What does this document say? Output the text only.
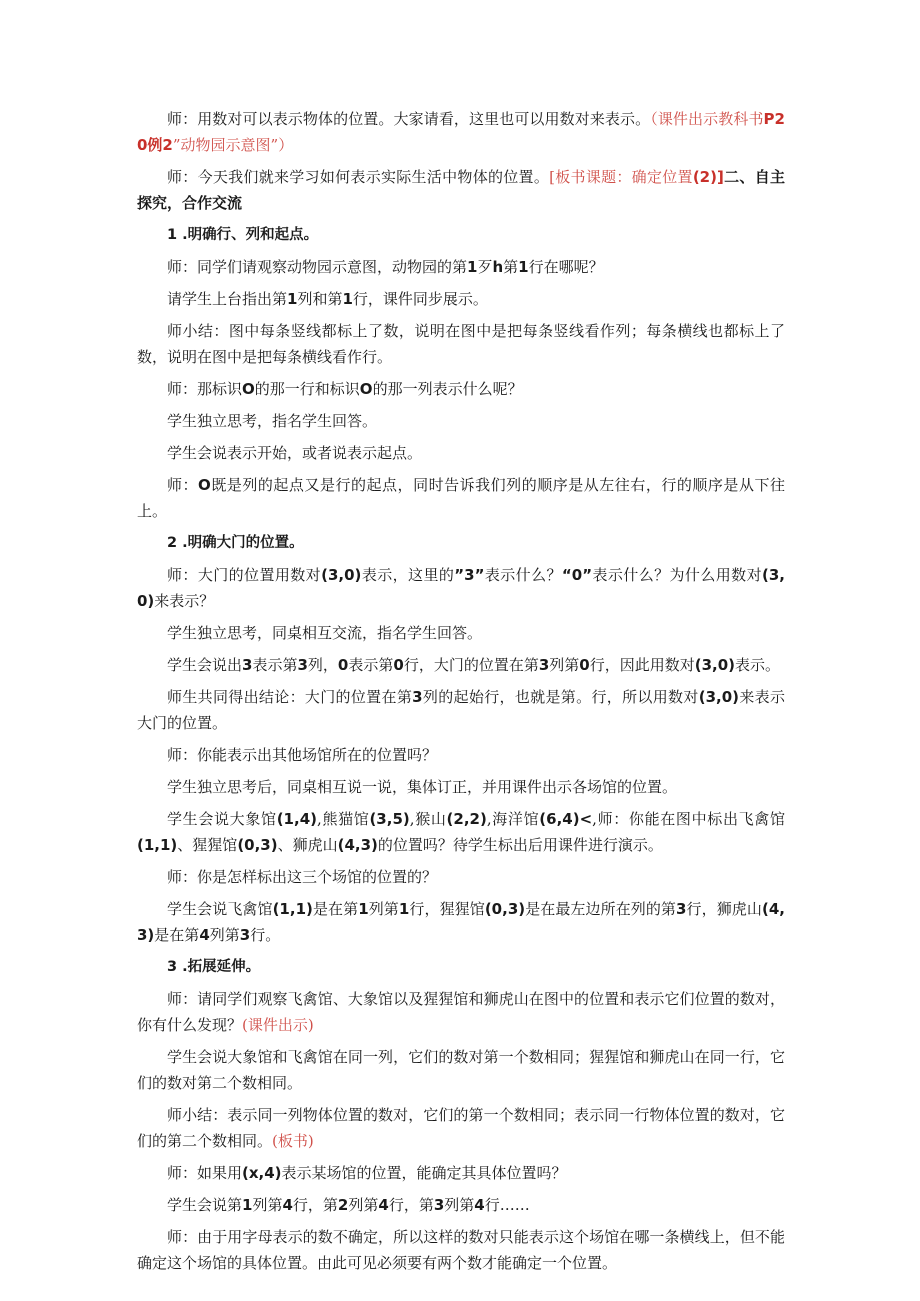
师：用数对可以表示物体的位置。大家请看，这里也可以用数对来表示。（课件出示教科书P20例2”动物园示意图”）

师：今天我们就来学习如何表示实际生活中物体的位置。[板书课题：确定位置(2)]二、自主探究，合作交流

1 .明确行、列和起点。

师：同学们请观察动物园示意图，动物园的第1歹h第1行在哪呢？

请学生上台指出第1列和第1行，课件同步展示。

师小结：图中每条竖线都标上了数，说明在图中是把每条竖线看作列；每条横线也都标上了数，说明在图中是把每条横线看作行。

师：那标识O的那一行和标识O的那一列表示什么呢？

学生独立思考，指名学生回答。

学生会说表示开始，或者说表示起点。

师：O既是列的起点又是行的起点，同时告诉我们列的顺序是从左往右，行的顺序是从下往上。

2 .明确大门的位置。

师：大门的位置用数对(3,0)表示，这里的”3”表示什么？“0”表示什么？为什么用数对(3,0)来表示？

学生独立思考，同桌相互交流，指名学生回答。

学生会说出3表示第3列，0表示第0行，大门的位置在第3列第0行，因此用数对(3,0)表示。

师生共同得出结论：大门的位置在第3列的起始行，也就是第。行，所以用数对(3,0)来表示大门的位置。

师：你能表示出其他场馆所在的位置吗？

学生独立思考后，同桌相互说一说，集体订正，并用课件出示各场馆的位置。

学生会说大象馆(1,4),熊猫馆(3,5),猴山(2,2),海洋馆(6,4)<,师：你能在图中标出飞禽馆(1,1)、猩猩馆(0,3)、狮虎山(4,3)的位置吗？待学生标出后用课件进行演示。

师：你是怎样标出这三个场馆的位置的？

学生会说飞禽馆(1,1)是在第1列第1行，猩猩馆(0,3)是在最左边所在列的第3行，狮虎山(4,3)是在第4列第3行。

3 .拓展延伸。

师：请同学们观察飞禽馆、大象馆以及猩猩馆和狮虎山在图中的位置和表示它们位置的数对，你有什么发现？(课件出示)

学生会说大象馆和飞禽馆在同一列，它们的数对第一个数相同；猩猩馆和狮虎山在同一行，它们的数对第二个数相同。

师小结：表示同一列物体位置的数对，它们的第一个数相同；表示同一行物体位置的数对，它们的第二个数相同。(板书)

师：如果用(x,4)表示某场馆的位置，能确定其具体位置吗？

学生会说第1列第4行，第2列第4行，第3列第4行……

师：由于用字母表示的数不确定，所以这样的数对只能表示这个场馆在哪一条横线上，但不能确定这个场馆的具体位置。由此可见必须要有两个数才能确定一个位置。
